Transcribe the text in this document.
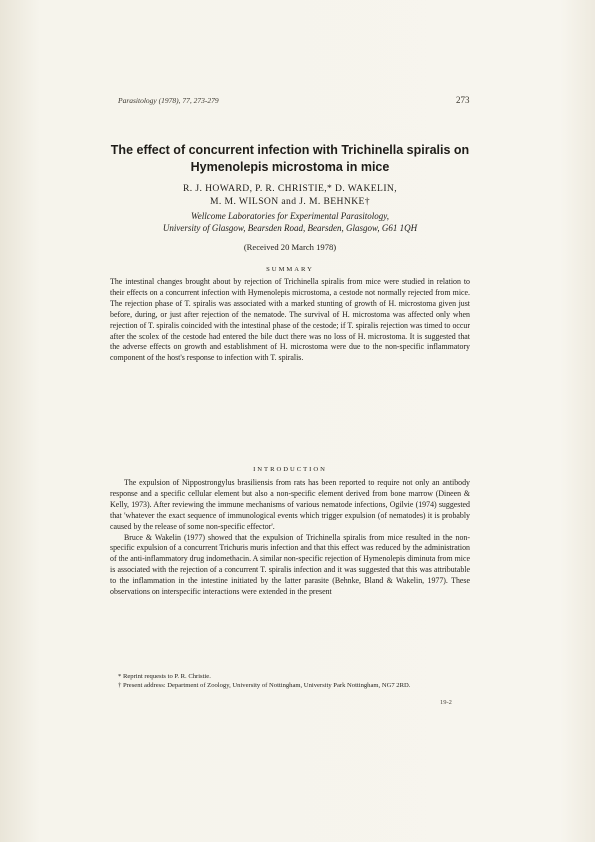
Parasitology (1978), 77, 273-279	273
The effect of concurrent infection with Trichinella spiralis on
Hymenolepis microstoma in mice
R. J. HOWARD, P. R. CHRISTIE,* D. WAKELIN,
M. M. WILSON and J. M. BEHNKE†
Wellcome Laboratories for Experimental Parasitology,
University of Glasgow, Bearsden Road, Bearsden, Glasgow, G61 1QH
(Received 20 March 1978)
SUMMARY
The intestinal changes brought about by rejection of Trichinella spiralis from mice were studied in relation to their effects on a concurrent infection with Hymenolepis microstoma, a cestode not normally rejected from mice. The rejection phase of T. spiralis was associated with a marked stunting of growth of H. microstoma given just before, during, or just after rejection of the nematode. The survival of H. microstoma was affected only when rejection of T. spiralis coincided with the intestinal phase of the cestode; if T. spiralis rejection was timed to occur after the scolex of the cestode had entered the bile duct there was no loss of H. microstoma. It is suggested that the adverse effects on growth and establishment of H. microstoma were due to the non-specific inflammatory component of the host's response to infection with T. spiralis.
INTRODUCTION

The expulsion of Nippostrongylus brasiliensis from rats has been reported to require not only an antibody response and a specific cellular element but also a non-specific element derived from bone marrow (Dineen & Kelly, 1973). After reviewing the immune mechanisms of various nematode infections, Ogilvie (1974) suggested that 'whatever the exact sequence of immunological events which trigger expulsion (of nematodes) it is probably caused by the release of some non-specific effector'.

Bruce & Wakelin (1977) showed that the expulsion of Trichinella spiralis from mice resulted in the non-specific expulsion of a concurrent Trichuris muris infection and that this effect was reduced by the administration of the anti-inflammatory drug indomethacin. A similar non-specific rejection of Hymenolepis diminuta from mice is associated with the rejection of a concurrent T. spiralis infection and it was suggested that this was attributable to the inflammation in the intestine initiated by the latter parasite (Behnke, Bland & Wakelin, 1977). These observations on interspecific interactions were extended in the present

* Reprint requests to P. R. Christie.
† Present address: Department of Zoology, University of Nottingham, University Park Nottingham, NG7 2RD.
19-2
